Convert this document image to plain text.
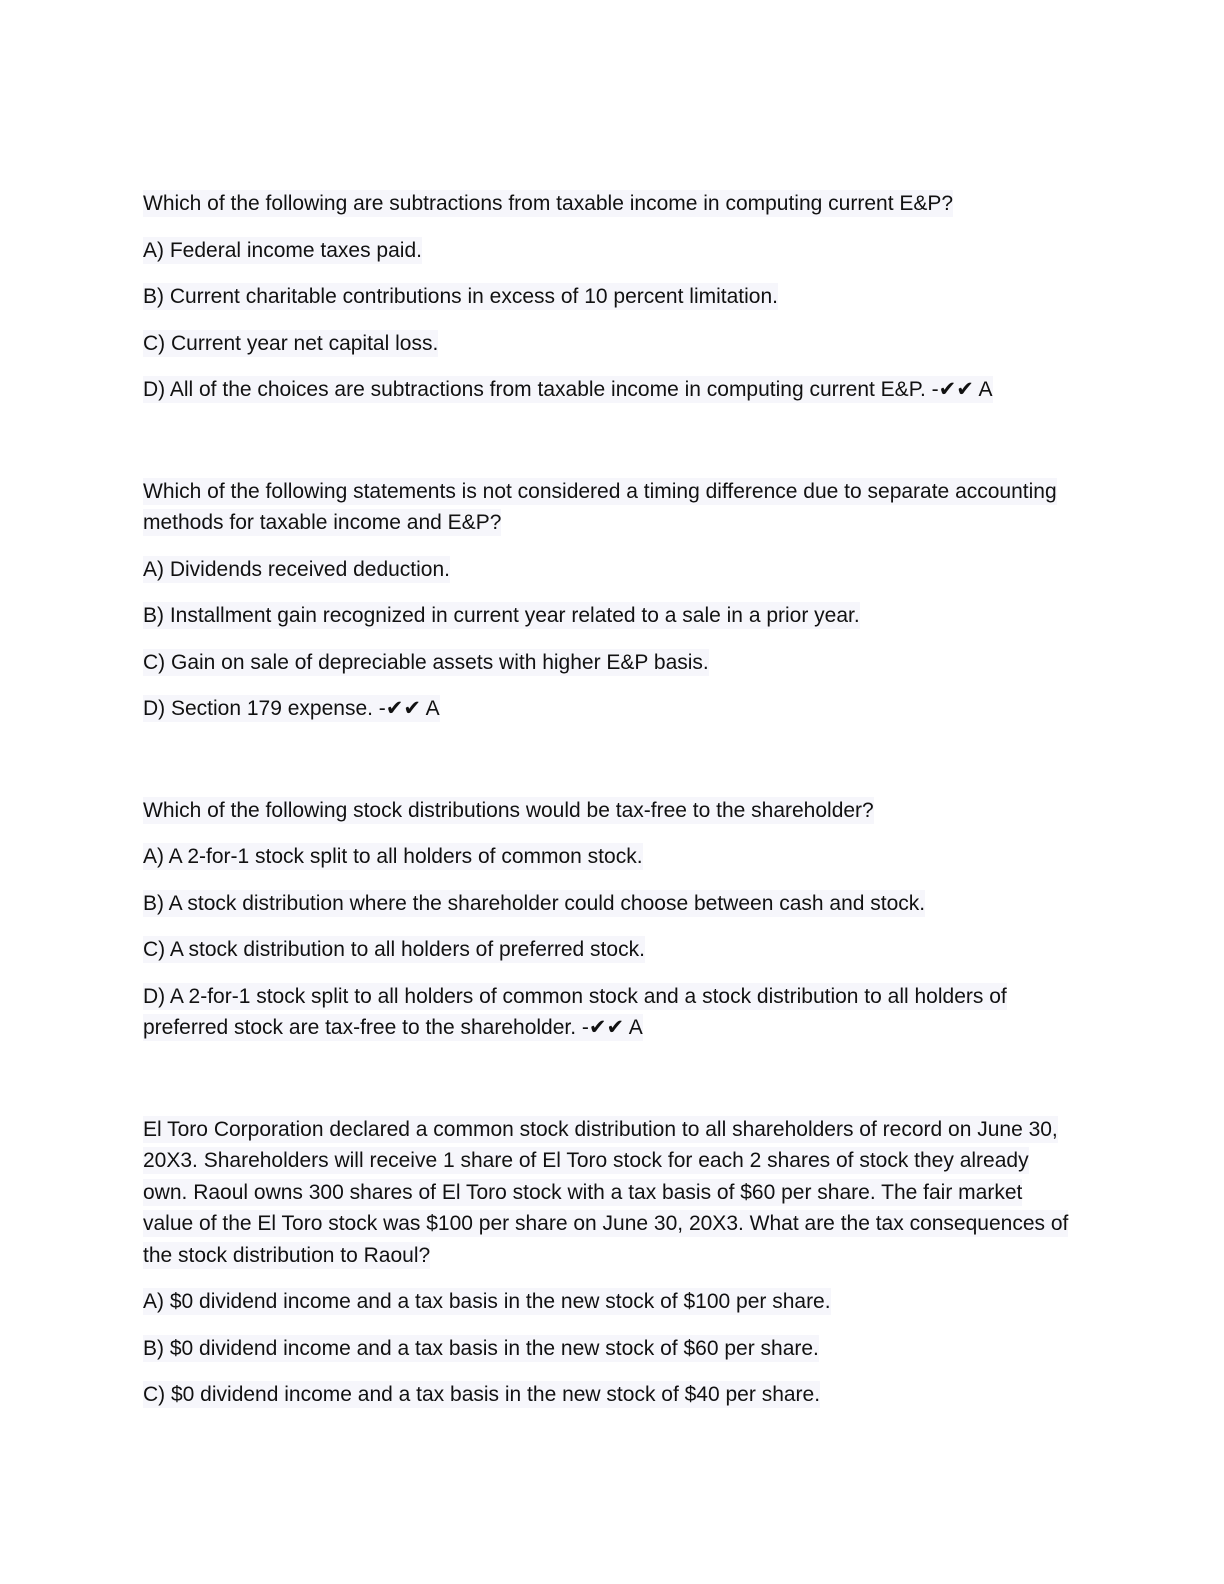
Which of the following are subtractions from taxable income in computing current E&P?

A) Federal income taxes paid.

B) Current charitable contributions in excess of 10 percent limitation.

C) Current year net capital loss.

D) All of the choices are subtractions from taxable income in computing current E&P. -✔✔ A

Which of the following statements is not considered a timing difference due to separate accounting methods for taxable income and E&P?

A) Dividends received deduction.

B) Installment gain recognized in current year related to a sale in a prior year.

C) Gain on sale of depreciable assets with higher E&P basis.

D) Section 179 expense. -✔✔ A

Which of the following stock distributions would be tax-free to the shareholder?

A) A 2-for-1 stock split to all holders of common stock.

B) A stock distribution where the shareholder could choose between cash and stock.

C) A stock distribution to all holders of preferred stock.

D) A 2-for-1 stock split to all holders of common stock and a stock distribution to all holders of preferred stock are tax-free to the shareholder. -✔✔ A

El Toro Corporation declared a common stock distribution to all shareholders of record on June 30, 20X3. Shareholders will receive 1 share of El Toro stock for each 2 shares of stock they already own. Raoul owns 300 shares of El Toro stock with a tax basis of $60 per share. The fair market value of the El Toro stock was $100 per share on June 30, 20X3. What are the tax consequences of the stock distribution to Raoul?

A) $0 dividend income and a tax basis in the new stock of $100 per share.

B) $0 dividend income and a tax basis in the new stock of $60 per share.

C) $0 dividend income and a tax basis in the new stock of $40 per share.
